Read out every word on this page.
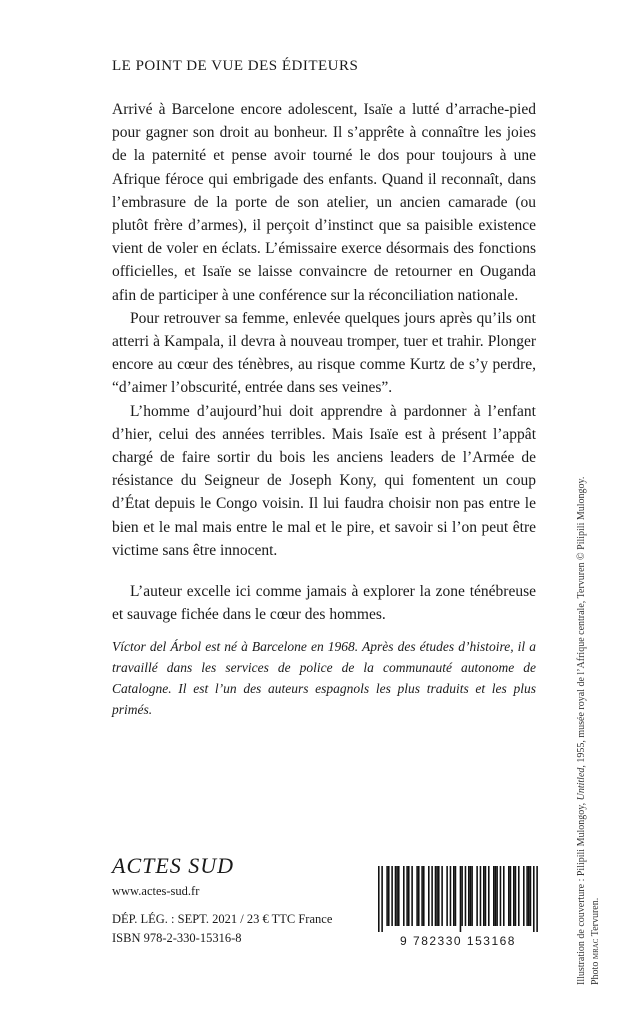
LE POINT DE VUE DES ÉDITEURS

Arrivé à Barcelone encore adolescent, Isaïe a lutté d’arrache-pied pour gagner son droit au bonheur. Il s’apprête à connaître les joies de la paternité et pense avoir tourné le dos pour toujours à une Afrique féroce qui embrigade des enfants. Quand il reconnaît, dans l’embrasure de la porte de son atelier, un ancien camarade (ou plutôt frère d’armes), il perçoit d’instinct que sa paisible existence vient de voler en éclats. L’émissaire exerce désormais des fonctions officielles, et Isaïe se laisse convaincre de retourner en Ouganda afin de participer à une conférence sur la réconciliation nationale.

Pour retrouver sa femme, enlevée quelques jours après qu’ils ont atterri à Kampala, il devra à nouveau tromper, tuer et trahir. Plonger encore au cœur des ténèbres, au risque comme Kurtz de s’y perdre, “d’aimer l’obscurité, entrée dans ses veines”.

L’homme d’aujourd’hui doit apprendre à pardonner à l’enfant d’hier, celui des années terribles. Mais Isaïe est à présent l’appât chargé de faire sortir du bois les anciens leaders de l’Armée de résistance du Seigneur de Joseph Kony, qui fomentent un coup d’État depuis le Congo voisin. Il lui faudra choisir non pas entre le bien et le mal mais entre le mal et le pire, et savoir si l’on peut être victime sans être innocent.

L’auteur excelle ici comme jamais à explorer la zone ténébreuse et sauvage fichée dans le cœur des hommes.

Víctor del Árbol est né à Barcelone en 1968. Après des études d’histoire, il a travaillé dans les services de police de la communauté autonome de Catalogne. Il est l’un des auteurs espagnols les plus traduits et les plus primés.
ACTES SUD
www.actes-sud.fr
DÉP. LÉG. : SEPT. 2021 / 23 € TTC France
ISBN 978-2-330-15316-8	9 782330 153168	Illustration de couverture : Pilipili Mulongoy, Untitled, 1955, musée royal de l’Afrique centrale, Tervuren © Pilipili Mulongoy.
Photo mrac Tervuren.
